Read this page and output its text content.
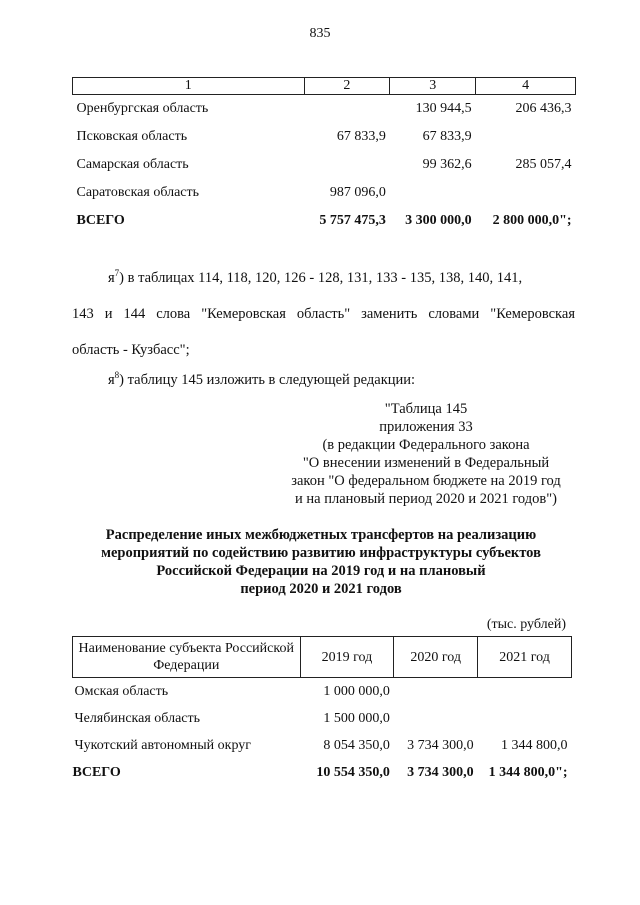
835
1	2	3	4
Оренбургская область		130 944,5	206 436,3
Псковская область	67 833,9	67 833,9	
Самарская область		99 362,6	285 057,4
Саратовская область	987 096,0		
ВСЕГО	5 757 475,3	3 300 000,0	2 800 000,0";
$я^7$) в таблицах 114, 118, 120, 126 - 128, 131, 133 - 135, 138, 140, 141,
143 и 144 слова "Кемеровская область" заменить словами "Кемеровская
область - Кузбасс";
$я^8$) таблицу 145 изложить в следующей редакции:
"Таблица 145
приложения 33
(в редакции Федерального закона
"О внесении изменений в Федеральный
закон "О федеральном бюджете на 2019 год
и на плановый период 2020 и 2021 годов")
Распределение иных межбюджетных трансфертов на реализацию
мероприятий по содействию развитию инфраструктуры субъектов
Российской Федерации на 2019 год и на плановый
период 2020 и 2021 годов
(тыс. рублей)
Наименование субъекта Российской Федерации	2019 год	2020 год	2021 год
Омская область	1 000 000,0		
Челябинская область	1 500 000,0		
Чукотский автономный округ	8 054 350,0	3 734 300,0	1 344 800,0
ВСЕГО	10 554 350,0	3 734 300,0	1 344 800,0";
